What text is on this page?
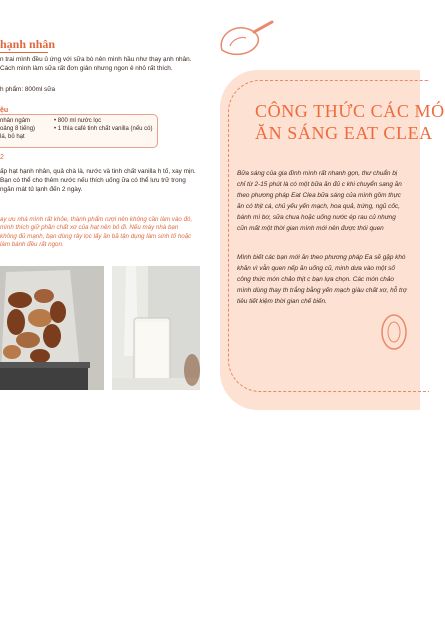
hạnh nhân

n trai mình đều ủ ứng với sữa bò nên mình hầu như thay ạnh nhân. Cách mình làm sữa rất đơn giản nhưng ngon ẻ nhỏ rất thích.

h phẩm: 800ml sữa

ệu
nhân ngâm
oảng 8 tiếng)
lá, bỏ hạt
• 800 ml nước lọc
• 1 thìa café tinh chất vanilla (nếu có)
2

ấp hạt hạnh nhân, quả chà là, nước và tinh chất vanilla h tố, xay mịn. Bạn có thể cho thêm nước nếu thích uống ữa có thể lưu trữ trong ngăn mát tủ lạnh đến 2 ngày.

ay ưu nhà mình rất khỏe, thành phẩm rượi nên không cần làm vào đó, mình thích giữ phần chất xơ của hạt nên bỏ đi. Nếu máy nhà bạn không đủ mạnh, bạn dùng rây lọc lấy ần bã tận dụng làm sinh tố hoặc làm bánh đều rất ngon.

ỨNG NGON QUYẾT SỐNG KHỎE
CÔNG THỨC CÁC MÓ
ĂN SÁNG EAT CLEA

Bữa sáng của gia đình mình rất nhanh gọn, thư chuẩn bị chỉ từ 2-15 phút là có một bữa ăn đủ c khi chuyển sang ăn theo phương pháp Eat Clea bữa sáng của mình gồm thực ăn có thịt cá, chủ yếu yến mạch, hoa quả, trứng, ngũ cốc, bánh mì bơ, sữa chua hoặc uống nước ép rau củ nhưng cũn mất một thời gian mình mới nên được thói quen

Mình biết các bạn mới ăn theo phương pháp Ea sẽ gặp khó khăn vì vẫn quen nếp ăn uống cũ, minh dưa vào một số công thức món chảo thịt c bạn lựa chọn. Các món chảo mình dùng thay th trắng bằng yến mạch giàu chất xơ, hỗ trợ tiêu tiết kiệm thời gian chế biến.
